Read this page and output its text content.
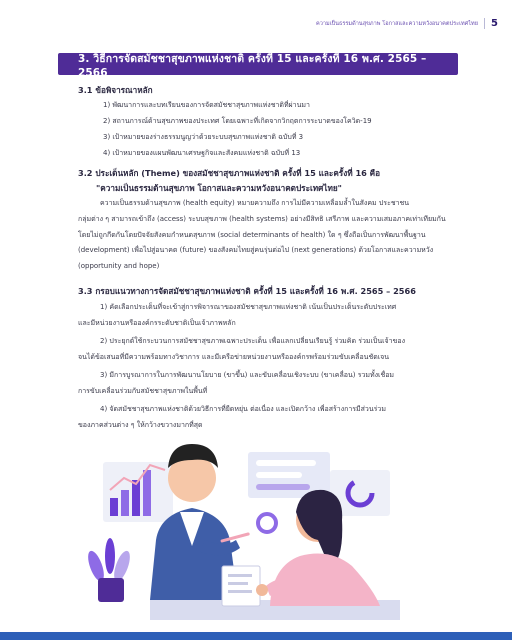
ความเป็นธรรมด้านสุขภาพ โอกาสและความหวังอนาคตประเทศไทย	5
3. วิธีการจัดสมัชชาสุขภาพแห่งชาติ ครั้งที่ 15 และครั้งที่ 16 พ.ศ. 2565 – 2566
3.1 ข้อพิจารณาหลัก
1) พัฒนาการและบทเรียนของการจัดสมัชชาสุขภาพแห่งชาติที่ผ่านมา
2) สถานการณ์ด้านสุขภาพของประเทศ โดยเฉพาะที่เกิดจากวิกฤตการระบาดของโควิด-19
3) เป้าหมายของร่างธรรมนูญว่าด้วยระบบสุขภาพแห่งชาติ ฉบับที่ 3
4) เป้าหมายของแผนพัฒนาเศรษฐกิจและสังคมแห่งชาติ ฉบับที่ 13
3.2 ประเด็นหลัก (Theme) ของสมัชชาสุขภาพแห่งชาติ ครั้งที่ 15 และครั้งที่ 16 คือ
"ความเป็นธรรมด้านสุขภาพ โอกาสและความหวังอนาคตประเทศไทย"
ความเป็นธรรมด้านสุขภาพ (health equity) หมายความถึง การไม่มีความเหลื่อมล้ำในสังคม ประชาชน
กลุ่มต่าง ๆ สามารถเข้าถึง (access) ระบบสุขภาพ (health systems) อย่างมีสิทธิ เสรีภาพ และความเสมอภาคเท่าเทียมกัน
โดยไม่ถูกกีดกันโดยปัจจัยสังคมกำหนดสุขภาพ (social determinants of health) ใด ๆ ซึ่งถือเป็นการพัฒนาพื้นฐาน
(development) เพื่อไปสู่อนาคต (future) ของสังคมไทยสู่คนรุ่นต่อไป (next generations) ด้วยโอกาสและความหวัง
(opportunity and hope)
3.3 กรอบแนวทางการจัดสมัชชาสุขภาพแห่งชาติ ครั้งที่ 15 และครั้งที่ 16 พ.ศ. 2565 – 2566
1) คัดเลือกประเด็นที่จะเข้าสู่การพิจารณาของสมัชชาสุขภาพแห่งชาติ เน้นเป็นประเด็นระดับประเทศ
และมีหน่วยงานหรือองค์กรระดับชาติเป็นเจ้าภาพหลัก
2) ประยุกต์ใช้กระบวนการสมัชชาสุขภาพเฉพาะประเด็น เพื่อแลกเปลี่ยนเรียนรู้ ร่วมคิด ร่วมเป็นเจ้าของ
จนได้ข้อเสนอที่มีความพร้อมทางวิชาการ และมีเครือข่ายหน่วยงานหรือองค์กรพร้อมร่วมขับเคลื่อนชัดเจน
3) มีการบูรณาการในการพัฒนานโยบาย (ขาขึ้น) และขับเคลื่อนเชิงระบบ (ขาเคลื่อน) รวมทั้งเชื่อม
การขับเคลื่อนร่วมกับสมัชชาสุขภาพในพื้นที่
4) จัดสมัชชาสุขภาพแห่งชาติด้วยวิธีการที่ยืดหยุ่น ต่อเนื่อง และเปิดกว้าง เพื่อสร้างการมีส่วนร่วม
ของภาคส่วนต่าง ๆ ให้กว้างขวางมากที่สุด
